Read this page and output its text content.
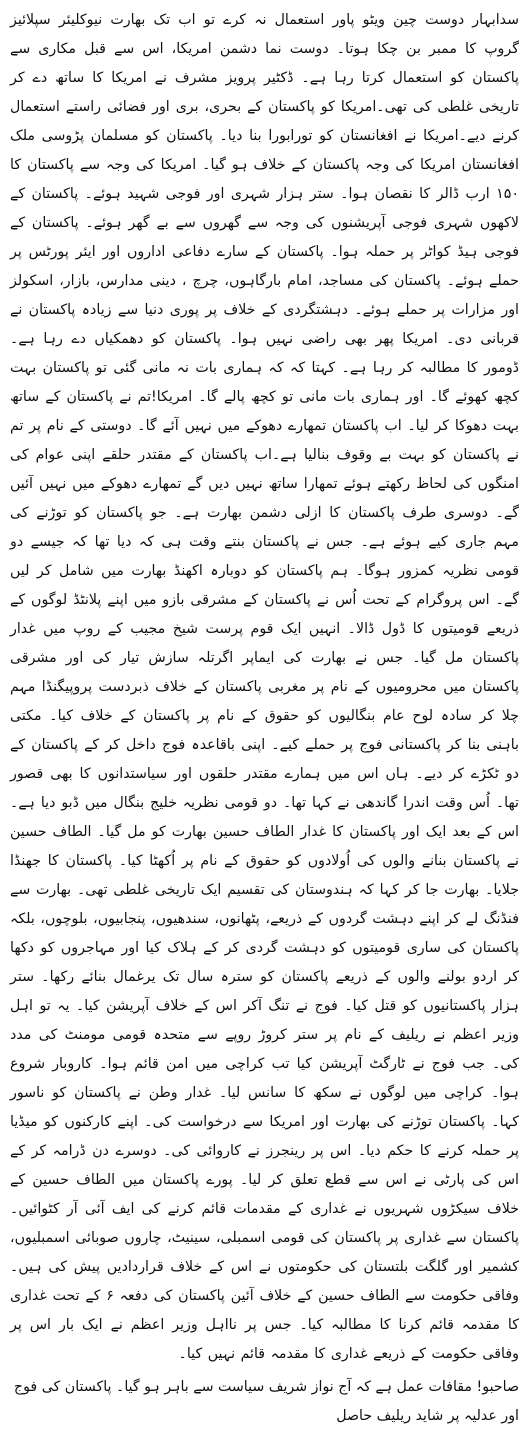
سدابہار دوست چین ویٹو پاور استعمال نہ کرے تو اب تک بھارت نیوکلیئر سپلائیز گروپ کا ممبر بن چکا ہوتا۔ دوست نما دشمن امریکا، اس سے قبل مکاری سے پاکستان کو استعمال کرتا رہا ہے۔ ڈکٹیر پرویز مشرف نے امریکا کا ساتھ دے کر تاریخی غلطی کی تھی۔امریکا کو پاکستان کے بحری، بری اور فضائی راستے استعمال کرنے دیے۔امریکا نے افغانستان کو تورابورا بنا دیا۔ پاکستان کو مسلمان پڑوسی ملک افغانستان امریکا کی وجہ پاکستان کے خلاف ہو گیا۔ امریکا کی وجہ سے پاکستان کا ۱۵۰ ارب ڈالر کا نقصان ہوا۔ ستر ہزار شہری اور فوجی شہید ہوئے۔ پاکستان کے لاکھوں شہری فوجی آپریشنوں کی وجہ سے گھروں سے بے گھر ہوئے۔ پاکستان کے فوجی ہیڈ کواٹر پر حملہ ہوا۔ پاکستان کے سارے دفاعی اداروں اور ایئر پورٹس پر حملے ہوئے۔ پاکستان کی مساجد، امام بارگاہوں، چرچ ، دینی مدارس، بازار، اسکولز اور مزارات پر حملے ہوئے۔ دہشتگردی کے خلاف پر پوری دنیا سے زیادہ پاکستان نے قربانی دی۔ امریکا پھر بھی راضی نہیں ہوا۔ پاکستان کو دھمکیاں دے رہا ہے۔ ڈومور کا مطالبہ کر رہا ہے۔ کہتا کہ کہ ہماری بات نہ مانی گئی تو پاکستان بہت کچھ کھوئے گا۔ اور ہماری بات مانی تو کچھ پالے گا۔ امریکا!تم نے پاکستان کے ساتھ بہت دھوکا کر لیا۔ اب پاکستان تمھارے دھوکے میں نہیں آئے گا۔ دوستی کے نام پر تم نے پاکستان کو بہت بے وقوف بنالیا ہے۔اب پاکستان کے مقتدر حلقے اپنی عوام کی امنگوں کی لحاظ رکھتے ہوئے تمھارا ساتھ نہیں دیں گے تمھارے دھوکے میں نہیں آئیں گے۔ دوسری طرف پاکستان کا ازلی دشمن بھارت ہے۔ جو پاکستان کو توڑنے کی مہم جاری کیے ہوئے ہے۔ جس نے پاکستان بنتے وقت ہی کہ دیا تھا کہ جیسے دو قومی نظریہ کمزور ہوگا۔ ہم پاکستان کو دوبارہ اکھنڈ بھارت میں شامل کر لیں گے۔ اس پروگرام کے تحت اُس نے پاکستان کے مشرقی بازو میں اپنے پلانٹڈ لوگوں کے ذریعے قومیتوں کا ڈول ڈالا۔ انہیں ایک قوم پرست شیخ مجیب کے روپ میں غدار پاکستان مل گیا۔ جس نے بھارت کی ایماپر اگرتلہ سازش تیار کی اور مشرقی پاکستان میں محرومیوں کے نام پر مغربی پاکستان کے خلاف ذبردست پروپیگنڈا مہم چلا کر سادہ لوح عام بنگالیوں کو حقوق کے نام پر پاکستان کے خلاف کیا۔ مکتی باہنی بنا کر پاکستانی فوج پر حملے کیے۔ اپنی باقاعدہ فوج داخل کر کے پاکستان کے دو ٹکڑے کر دیے۔ ہاں اس میں ہمارے مقتدر حلقوں اور سیاستدانوں کا بھی قصور تھا۔ اُس وقت اندرا گاندھی نے کہا تھا۔ دو قومی نظریہ خلیج بنگال میں ڈبو دیا ہے۔ اس کے بعد ایک اور پاکستان کا غدار الطاف حسین بھارت کو مل گیا۔ الطاف حسین نے پاکستان بنانے والوں کی اُولادوں کو حقوق کے نام پر اُکھٹا کیا۔ پاکستان کا جھنڈا جلایا۔ بھارت جا کر کہا کہ ہندوستان کی تقسیم ایک تاریخی غلطی تھی۔ بھارت سے فنڈنگ لے کر اپنے دہشت گردوں کے ذریعے، پٹھانوں، سندھیوں، پنجابیوں، بلوچوں، بلکہ پاکستان کی ساری قومیتوں کو دہشت گردی کر کے ہلاک کیا اور مہاجروں کو دکھا کر اردو بولنے والوں کے ذریعے پاکستان کو سترہ سال تک یرغمال بنائے رکھا۔ ستر ہزار پاکستانیوں کو قتل کیا۔ فوج نے تنگ آکر اس کے خلاف آپریشن کیا۔ یہ تو اہل وزیر اعظم نے ریلیف کے نام پر ستر کروڑ روپے سے متحدہ قومی مومنٹ کی مدد کی۔ جب فوج نے ٹارگٹ آپریشن کیا تب کراچی میں امن قائم ہوا۔ کاروبار شروع ہوا۔ کراچی میں لوگوں نے سکھ کا سانس لیا۔ غدار وطن نے پاکستان کو ناسور کہا۔ پاکستان توڑنے کی بھارت اور امریکا سے درخواست کی۔ اپنے کارکنوں کو میڈیا پر حملہ کرنے کا حکم دیا۔ اس پر رینجرز نے کاروائی کی۔ دوسرے دن ڈرامہ کر کے اس کی پارٹی نے اس سے قطع تعلق کر لیا۔ پورے پاکستان میں الطاف حسین کے خلاف سیکڑوں شہریوں نے غداری کے مقدمات قائم کرنے کی ایف آئی آر کٹوائیں۔ پاکستان سے غداری پر پاکستان کی قومی اسمبلی، سینیٹ، چاروں صوبائی اسمبلیوں، کشمیر اور گلگت بلتستان کی حکومتوں نے اس کے خلاف قراردادیں پیش کی ہیں۔ وفاقی حکومت سے الطاف حسین کے خلاف آئین پاکستان کی دفعہ ۶ کے تحت غداری کا مقدمہ قائم کرنا کا مطالبہ کیا۔ جس پر نااہل وزیر اعظم نے ایک بار اس پر وفاقی حکومت کے ذریعے غداری کا مقدمہ قائم نہیں کیا۔

صاحبو! مقافات عمل ہے کہ آج نواز شریف سیاست سے باہر ہو گیا۔ پاکستان کی فوج اور عدلیہ پر شاید ریلیف حاصل
